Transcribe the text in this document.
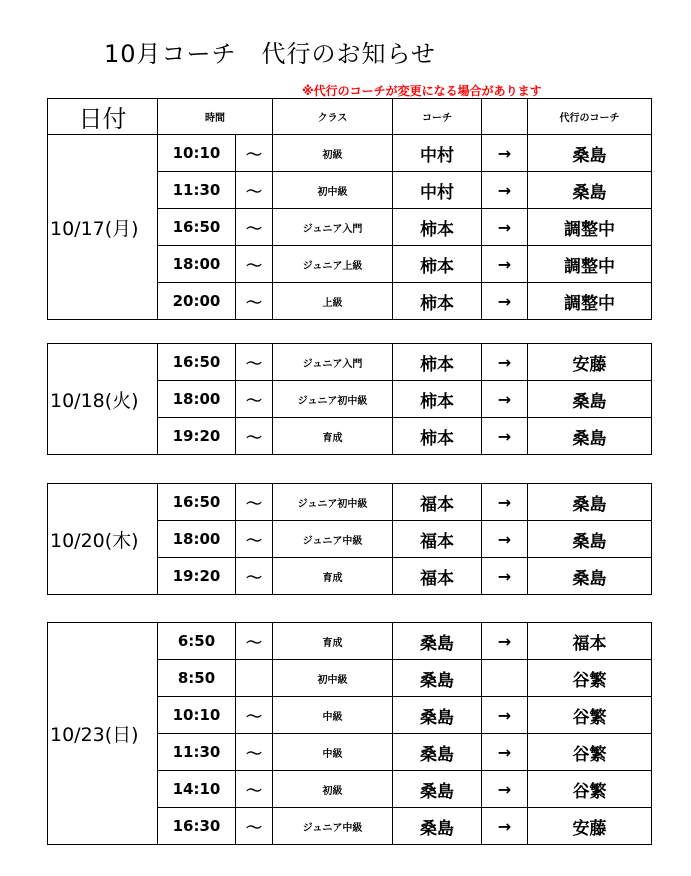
10月コーチ　代行のお知らせ
※代行のコーチが変更になる場合があります
日付	時間		クラス	コーチ		代行のコーチ
10/17(月)	10:10	～	初級	中村	→	桑島
	11:30	～	初中級	中村	→	桑島
	16:50	～	ジュニア入門	柿本	→	調整中
	18:00	～	ジュニア上級	柿本	→	調整中
	20:00	～	上級	柿本	→	調整中
10/18(火)	16:50	～	ジュニア入門	柿本	→	安藤
	18:00	～	ジュニア初中級	柿本	→	桑島
	19:20	～	育成	柿本	→	桑島
10/20(木)	16:50	～	ジュニア初中級	福本	→	桑島
	18:00	～	ジュニア中級	福本	→	桑島
	19:20	～	育成	福本	→	桑島
10/23(日)	6:50	～	育成	桑島	→	福本
	8:50		初中級	桑島		谷繁
	10:10	～	中級	桑島	→	谷繁
	11:30	～	中級	桑島	→	谷繁
	14:10	～	初級	桑島	→	谷繁
	16:30	～	ジュニア中級	桑島	→	安藤
